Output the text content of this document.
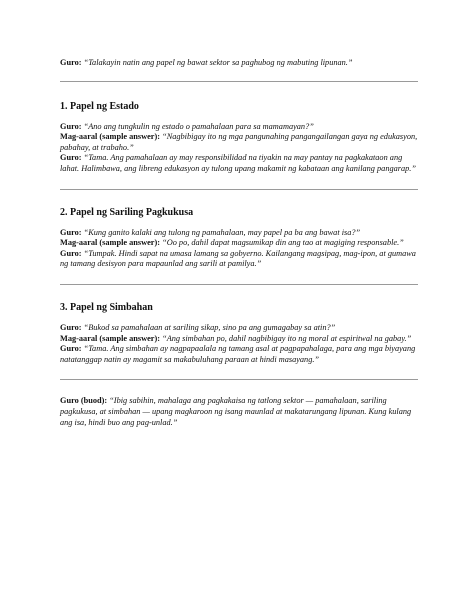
Guro: “Talakayin natin ang papel ng bawat sektor sa paghubog ng mabuting lipunan.”

1. Papel ng Estado

Guro: “Ano ang tungkulin ng estado o pamahalaan para sa mamamayan?”

Mag-aaral (sample answer): “Nagbibigay ito ng mga pangunahing pangangailangan gaya ng edukasyon, pabahay, at trabaho.”

Guro: “Tama. Ang pamahalaan ay may responsibilidad na tiyakin na may pantay na pagkakataon ang lahat. Halimbawa, ang libreng edukasyon ay tulong upang makamit ng kabataan ang kanilang pangarap.”

2. Papel ng Sariling Pagkukusa

Guro: “Kung ganito kalaki ang tulong ng pamahalaan, may papel pa ba ang bawat isa?”

Mag-aaral (sample answer): “Oo po, dahil dapat magsumikap din ang tao at magiging responsable.”

Guro: “Tumpak. Hindi sapat na umasa lamang sa gobyerno. Kailangang magsipag, mag-ipon, at gumawa ng tamang desisyon para mapaunlad ang sarili at pamilya.”

3. Papel ng Simbahan

Guro: “Bukod sa pamahalaan at sariling sikap, sino pa ang gumagabay sa atin?”

Mag-aaral (sample answer): “Ang simbahan po, dahil nagbibigay ito ng moral at espiritwal na gabay.”

Guro: “Tama. Ang simbahan ay nagpapaalala ng tamang asal at pagpapahalaga, para ang mga biyayang natatanggap natin ay magamit sa makabuluhang paraan at hindi masayang.”

Guro (buod): “Ibig sabihin, mahalaga ang pagkakaisa ng tatlong sektor — pamahalaan, sariling pagkukusa, at simbahan — upang magkaroon ng isang maunlad at makatarungang lipunan. Kung kulang ang isa, hindi buo ang pag-unlad.”
